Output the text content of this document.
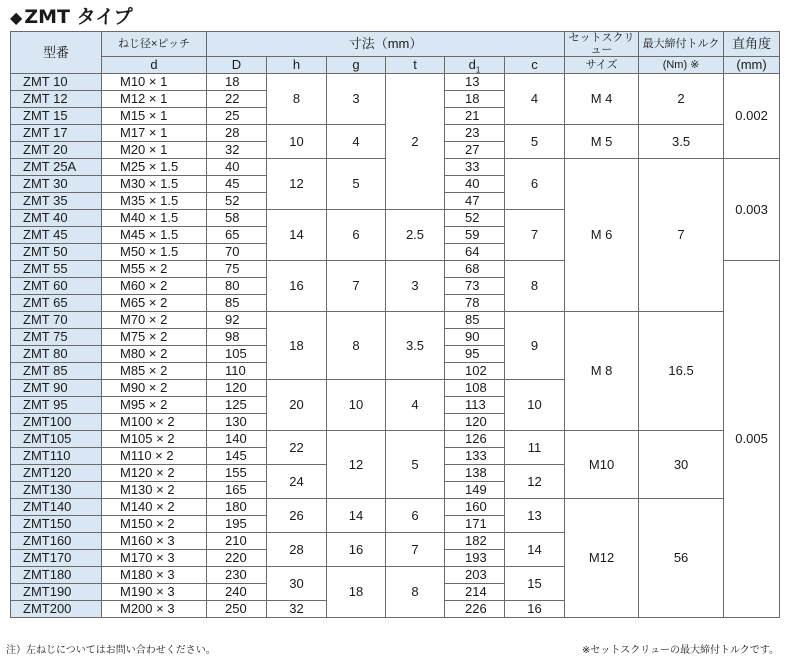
◆ ZMT タイプ
型番	ねじ径×ピッチ	寸法（mm）						セットスクリュー	最大締付トルク	直角度
	d	D	h	g	t	$d_1$	c	サイズ	(Nm) ※	(mm)
ZMT 10	M10 × 1	18	8	3	2	13	4	M 4	2	0.002
ZMT 12	M12 × 1	22				18				
ZMT 15	M15 × 1	25				21				
ZMT 17	M17 × 1	28	10	4		23	5	M 5	3.5	
ZMT 20	M20 × 1	32				27				
ZMT 25A	M25 × 1.5	40	12	5		33	6	M 6	7	0.003
ZMT 30	M30 × 1.5	45				40				
ZMT 35	M35 × 1.5	52				47				
ZMT 40	M40 × 1.5	58	14	6	2.5	52	7			
ZMT 45	M45 × 1.5	65				59				
ZMT 50	M50 × 1.5	70				64				
ZMT 55	M55 × 2	75	16	7	3	68	8			0.005
ZMT 60	M60 × 2	80				73				
ZMT 65	M65 × 2	85				78				
ZMT 70	M70 × 2	92	18	8	3.5	85	9	M 8	16.5	
ZMT 75	M75 × 2	98				90				
ZMT 80	M80 × 2	105				95				
ZMT 85	M85 × 2	110				102				
ZMT 90	M90 × 2	120	20	10	4	108	10			
ZMT 95	M95 × 2	125				113				
ZMT100	M100 × 2	130				120				
ZMT105	M105 × 2	140	22	12	5	126	11	M10	30	
ZMT110	M110 × 2	145				133				
ZMT120	M120 × 2	155	24			138	12			
ZMT130	M130 × 2	165				149				
ZMT140	M140 × 2	180	26	14	6	160	13	M12	56	
ZMT150	M150 × 2	195				171				
ZMT160	M160 × 3	210	28	16	7	182	14			
ZMT170	M170 × 3	220				193				
ZMT180	M180 × 3	230	30	18	8	203	15			
ZMT190	M190 × 3	240				214				
ZMT200	M200 × 3	250	32			226	16			
注）左ねじについてはお問い合わせください。	※セットスクリューの最大締付トルクです。
